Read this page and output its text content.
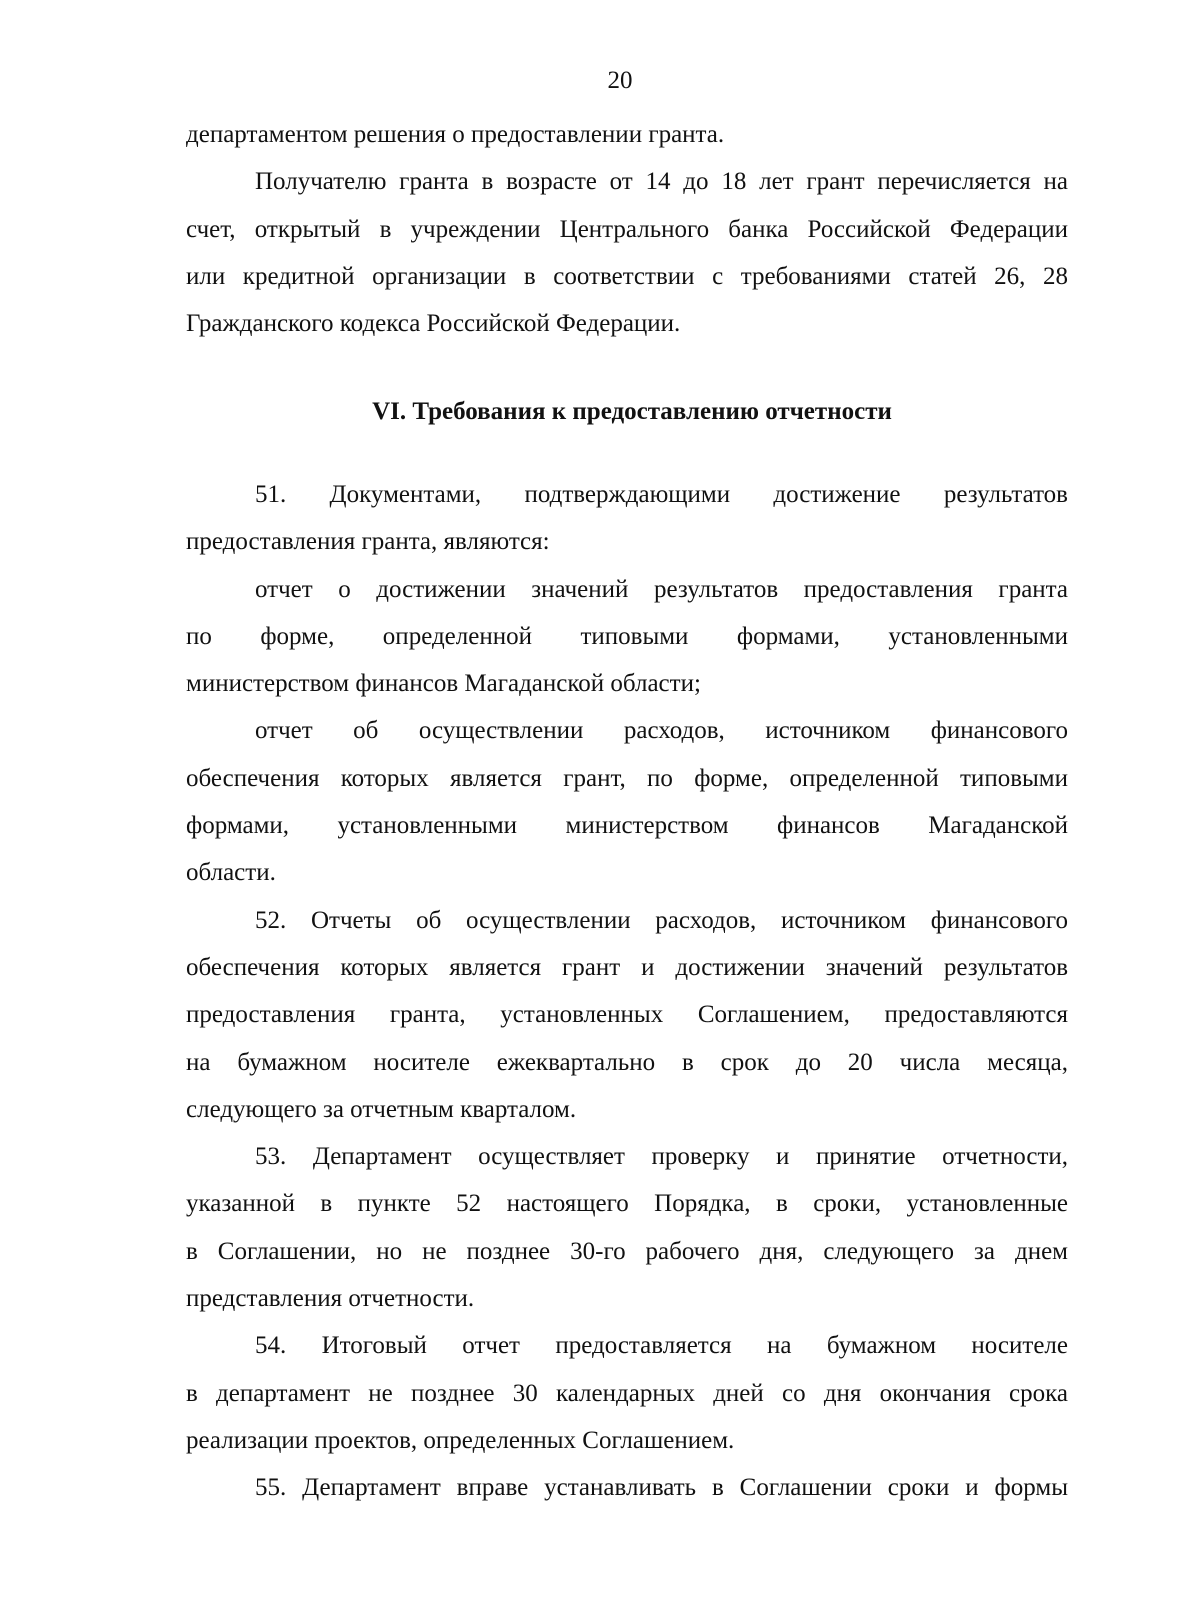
20
департаментом решения о предоставлении гранта.
Получателю гранта в возрасте от 14 до 18 лет грант перечисляется на
счет, открытый в учреждении Центрального банка Российской Федерации
или кредитной организации в соответствии с требованиями статей 26, 28
Гражданского кодекса Российской Федерации.
VI. Требования к предоставлению отчетности
51. Документами, подтверждающими достижение результатов
предоставления гранта, являются:
отчет о достижении значений результатов предоставления гранта
по форме, определенной типовыми формами, установленными
министерством финансов Магаданской области;
отчет об осуществлении расходов, источником финансового
обеспечения которых является грант, по форме, определенной типовыми
формами, установленными министерством финансов Магаданской
области.
52. Отчеты об осуществлении расходов, источником финансового
обеспечения которых является грант и достижении значений результатов
предоставления гранта, установленных Соглашением, предоставляются
на бумажном носителе ежеквартально в срок до 20 числа месяца,
следующего за отчетным кварталом.
53. Департамент осуществляет проверку и принятие отчетности,
указанной в пункте 52 настоящего Порядка, в сроки, установленные
в Соглашении, но не позднее 30-го рабочего дня, следующего за днем
представления отчетности.
54. Итоговый отчет предоставляется на бумажном носителе
в департамент не позднее 30 календарных дней со дня окончания срока
реализации проектов, определенных Соглашением.
55. Департамент вправе устанавливать в Соглашении сроки и формы
